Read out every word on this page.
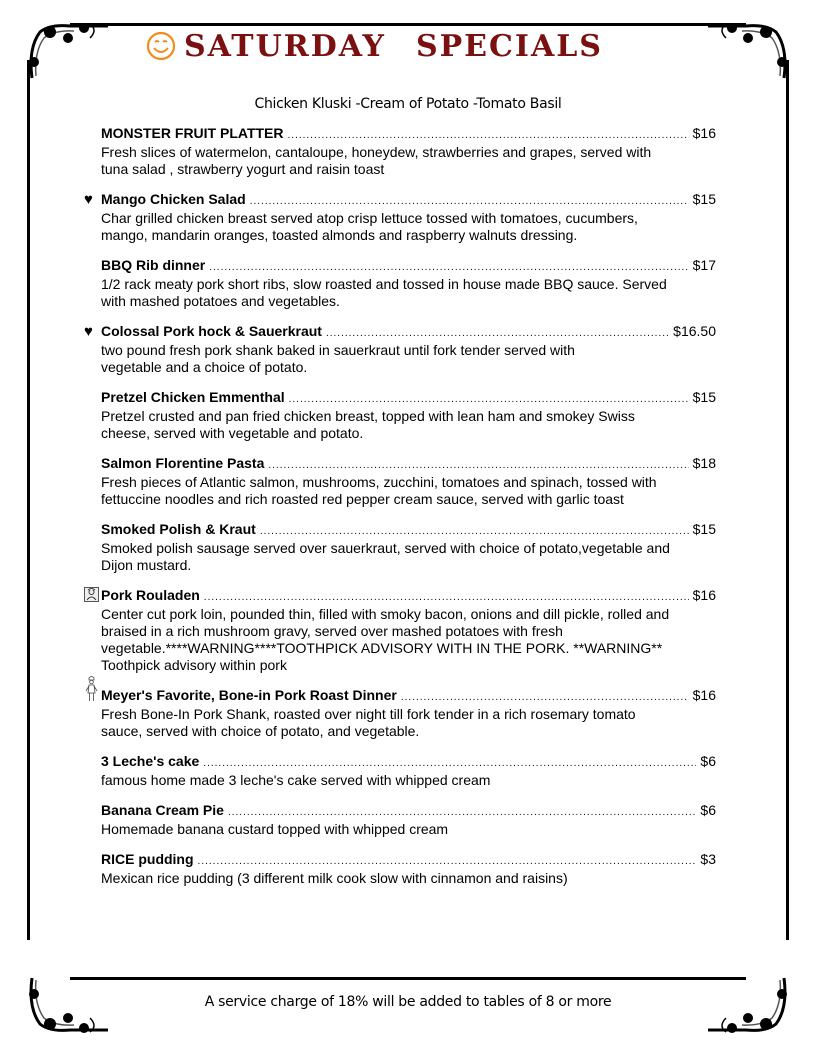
SATURDAY SPECIALS
Chicken Kluski -Cream of Potato -Tomato Basil
MONSTER FRUIT PLATTER .....	$16
Fresh slices of watermelon, cantaloupe, honeydew, strawberries and grapes, served with tuna salad , strawberry yogurt and raisin toast
♥ Mango Chicken Salad .....	$15
Char grilled chicken breast served atop crisp lettuce tossed with tomatoes, cucumbers, mango, mandarin oranges, toasted almonds and raspberry walnuts dressing.
BBQ Rib dinner .....	$17
1/2 rack meaty pork short ribs, slow roasted and tossed in house made BBQ sauce. Served with mashed potatoes and vegetables.
♥ Colossal Pork hock & Sauerkraut .....	$16.50
two pound fresh pork shank baked in sauerkraut until fork tender served with vegetable and a choice of potato.
Pretzel Chicken Emmenthal .....	$15
Pretzel crusted and pan fried chicken breast, topped with lean ham and smokey Swiss cheese, served with vegetable and potato.
Salmon Florentine Pasta .....	$18
Fresh pieces of Atlantic salmon, mushrooms, zucchini, tomatoes and spinach, tossed with fettuccine noodles and rich roasted red pepper cream sauce, served with garlic toast
Smoked Polish & Kraut .....	$15
Smoked polish sausage served over sauerkraut, served with choice of potato,vegetable and Dijon mustard.
Pork Rouladen .....	$16
Center cut pork loin, pounded thin, filled with smoky bacon, onions and dill pickle, rolled and braised in a rich mushroom gravy, served over mashed potatoes with fresh vegetable.****WARNING****TOOTHPICK ADVISORY WITH IN THE PORK. **WARNING** Toothpick advisory within pork
Meyer's Favorite, Bone-in Pork Roast Dinner .....	$16
Fresh Bone-In Pork Shank, roasted over night till fork tender in a rich rosemary tomato sauce, served with choice of potato, and vegetable.
3 Leche's cake .....	$6
famous home made 3 leche's cake served with whipped cream
Banana Cream Pie .....	$6
Homemade banana custard topped with whipped cream
RICE pudding .....	$3
Mexican rice pudding (3 different milk cook slow with cinnamon and raisins)
A service charge of 18% will be added to tables of 8 or more
